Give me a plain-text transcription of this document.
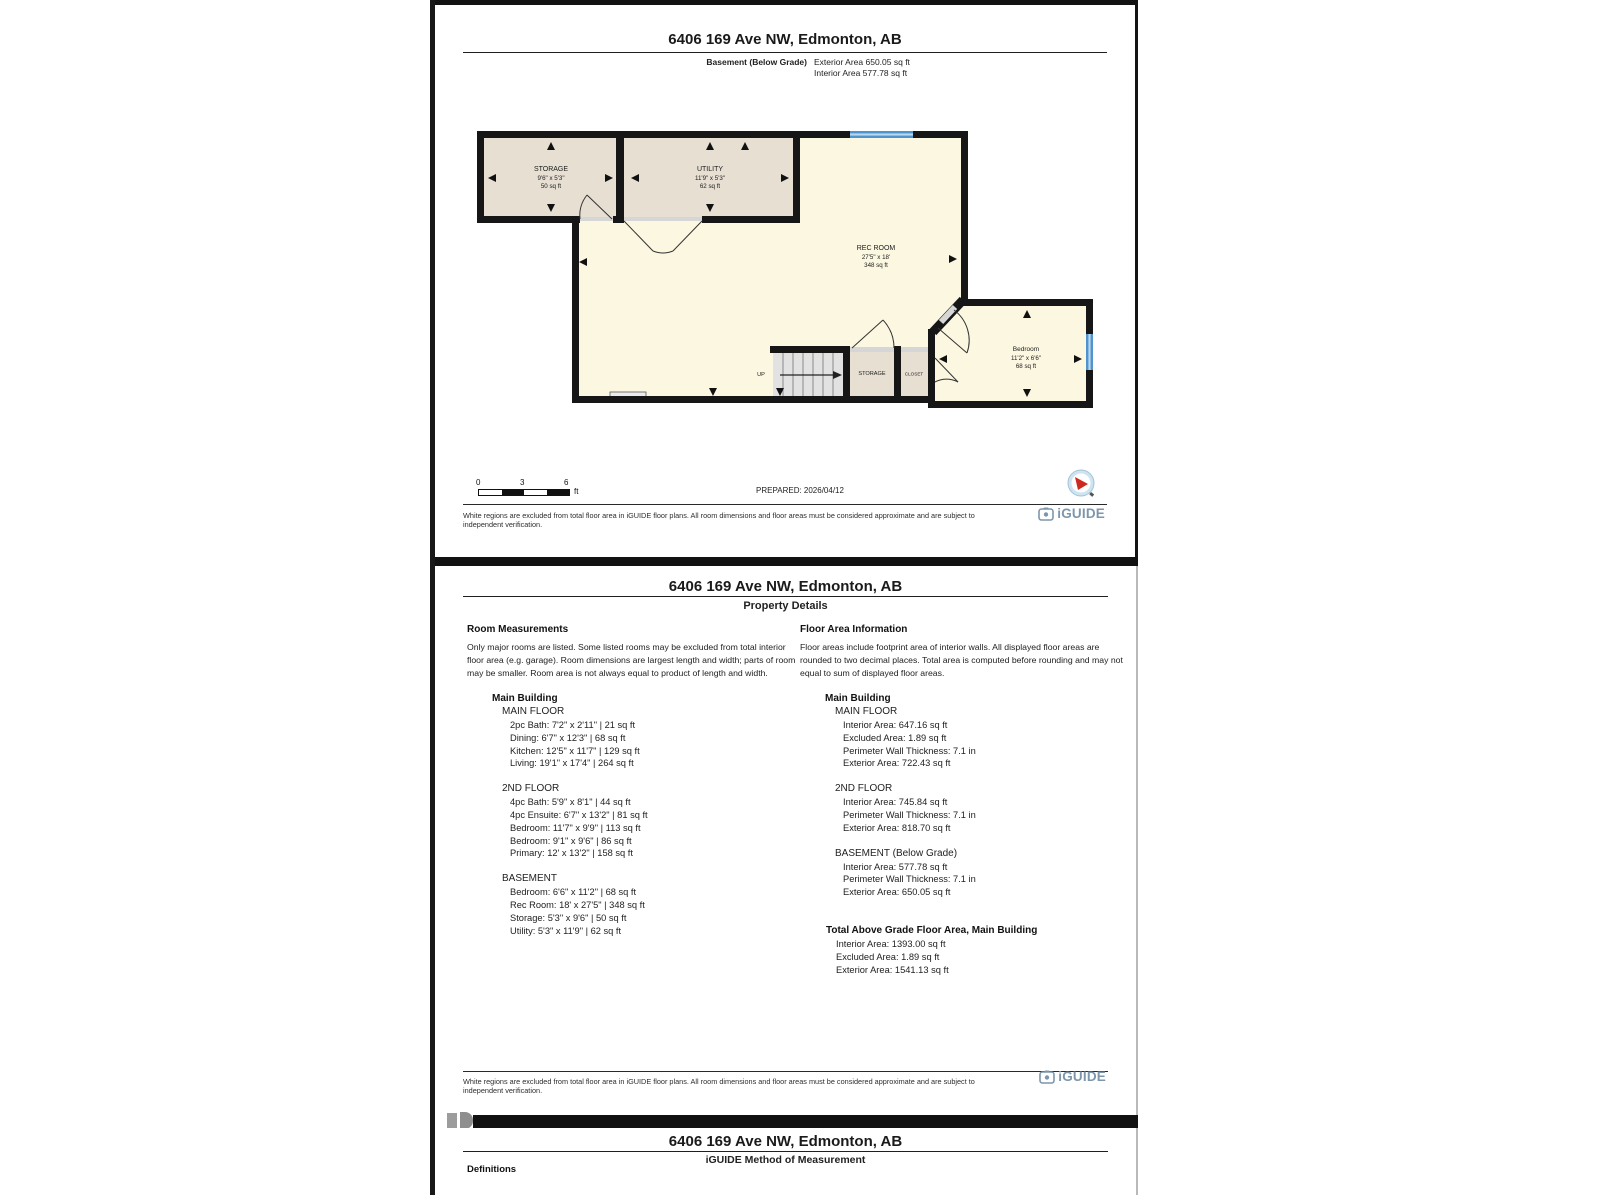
6406 169 Ave NW, Edmonton, AB
Basement (Below Grade) Exterior Area 650.05 sq ft
Interior Area 577.78 sq ft
STORAGE
9'6" x 5'3"
50 sq ft
UTILITY
11'9" x 5'3"
62 sq ft
REC ROOM
27'5" x 18'
348 sq ft
Bedroom
11'2" x 6'6"
68 sq ft
STORAGE	CLOSET
UP
0	3	6
ft	PREPARED: 2026/04/12
White regions are excluded from total floor area in iGUIDE floor plans. All room dimensions and floor areas must be considered approximate and are subject to independent verification.
iGUIDE
6406 169 Ave NW, Edmonton, AB
Property Details
Room Measurements

Only major rooms are listed. Some listed rooms may be excluded from total interior floor area (e.g. garage). Room dimensions are largest length and width; parts of room may be smaller. Room area is not always equal to product of length and width.

Main Building
MAIN FLOOR
2pc Bath: 7'2" x 2'11" | 21 sq ft
Dining: 6'7" x 12'3" | 68 sq ft
Kitchen: 12'5" x 11'7" | 129 sq ft
Living: 19'1" x 17'4" | 264 sq ft
2ND FLOOR
4pc Bath: 5'9" x 8'1" | 44 sq ft
4pc Ensuite: 6'7" x 13'2" | 81 sq ft
Bedroom: 11'7" x 9'9" | 113 sq ft
Bedroom: 9'1" x 9'6" | 86 sq ft
Primary: 12' x 13'2" | 158 sq ft
BASEMENT
Bedroom: 6'6" x 11'2" | 68 sq ft
Rec Room: 18' x 27'5" | 348 sq ft
Storage: 5'3" x 9'6" | 50 sq ft
Utility: 5'3" x 11'9" | 62 sq ft
Floor Area Information

Floor areas include footprint area of interior walls. All displayed floor areas are rounded to two decimal places. Total area is computed before rounding and may not equal to sum of displayed floor areas.

Main Building
MAIN FLOOR
Interior Area: 647.16 sq ft
Excluded Area: 1.89 sq ft
Perimeter Wall Thickness: 7.1 in
Exterior Area: 722.43 sq ft
2ND FLOOR
Interior Area: 745.84 sq ft
Perimeter Wall Thickness: 7.1 in
Exterior Area: 818.70 sq ft
BASEMENT (Below Grade)
Interior Area: 577.78 sq ft
Perimeter Wall Thickness: 7.1 in
Exterior Area: 650.05 sq ft
Total Above Grade Floor Area, Main Building
Interior Area: 1393.00 sq ft
Excluded Area: 1.89 sq ft
Exterior Area: 1541.13 sq ft
White regions are excluded from total floor area in iGUIDE floor plans. All room dimensions and floor areas must be considered approximate and are subject to independent verification.
iGUIDE
6406 169 Ave NW, Edmonton, AB
iGUIDE Method of Measurement
Definitions
